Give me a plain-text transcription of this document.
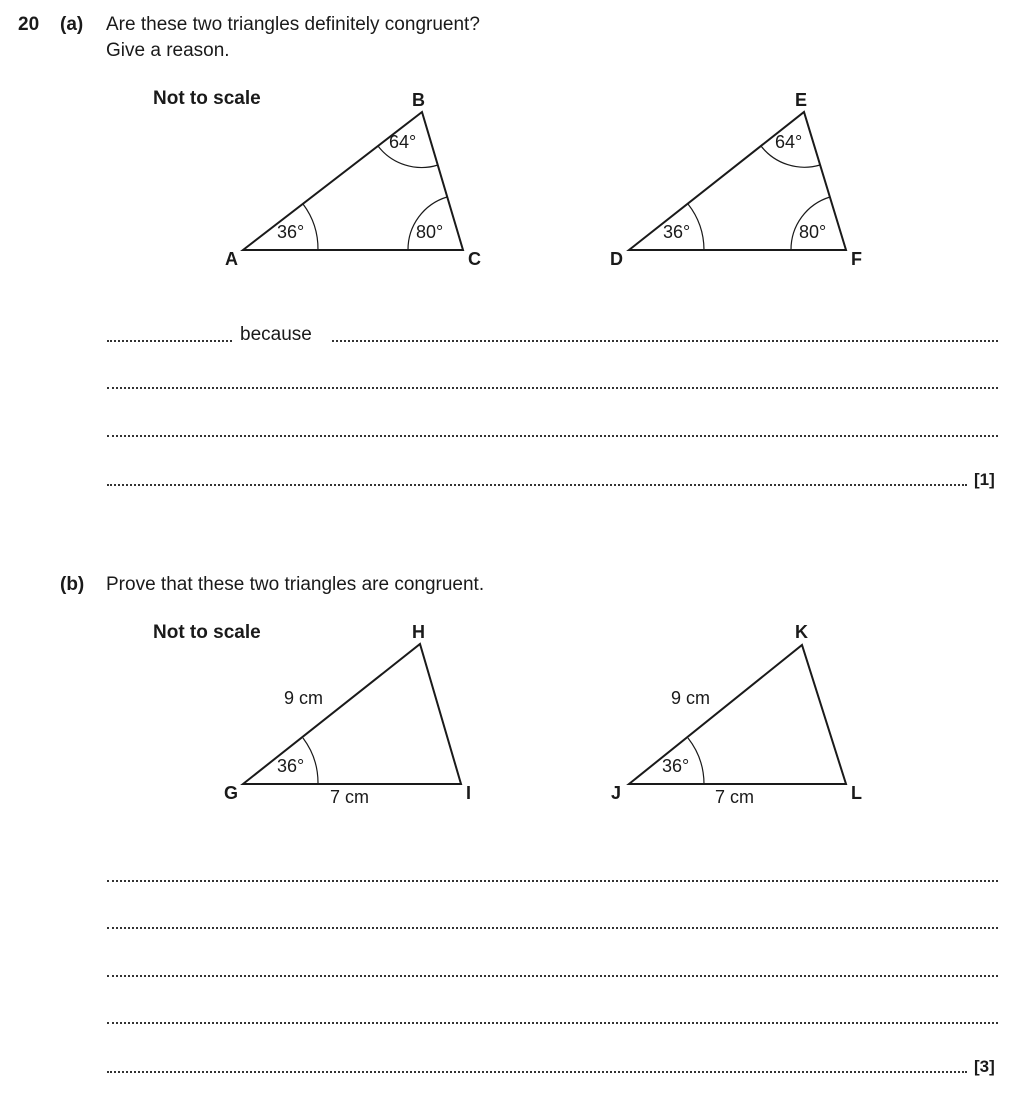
20 (a) Are these two triangles definitely congruent?
Give a reason.
Not to scale
A
B
C
36°
64°
80°
D
E
F
36°
64°
80°
because
[1]
(b) Prove that these two triangles are congruent.
Not to scale
G
H
I
9 cm
7 cm
36°
J
K
L
9 cm
7 cm
36°
[3]
